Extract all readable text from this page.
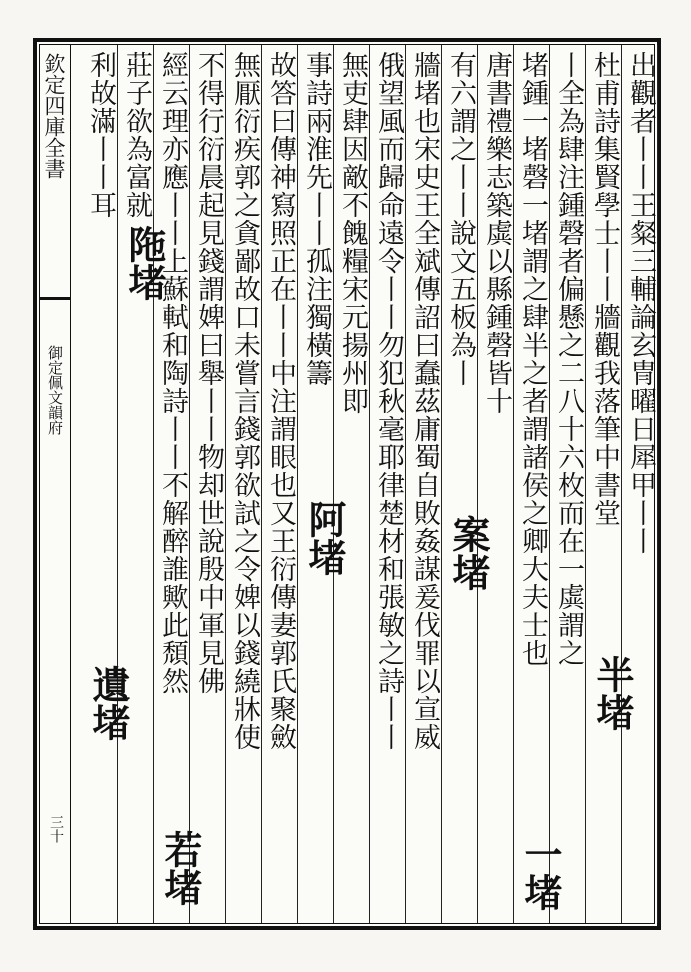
欽定四庫全書
御定佩文韻府
三十
出觀者丨丨王粲三輔論玄冑曜日犀甲丨丨
杜甫詩集賢學士丨丨牆觀我落筆中書堂
丨全為肆注鍾磬者偏懸之二八十六枚而在一虡謂之
堵鍾一堵磬一堵謂之肆半之者謂諸侯之卿大夫士也
唐書禮樂志築虡以縣鍾磬皆十
有六謂之丨丨說文五板為丨
牆堵也宋史王全斌傳詔曰蠢茲庸蜀自敗姦謀爰伐罪以宣威
俄望風而歸命遠令丨丨勿犯秋毫耶律楚材和張敏之詩丨丨
無吏肆因敵不餽糧宋元揚州即
事詩兩淮先丨丨孤注獨橫籌
故答曰傳神寫照正在丨丨中注謂眼也又王衍傳妻郭氏聚斂
無厭衍疾郭之貪鄙故口未嘗言錢郭欲試之令婢以錢繞牀使
不得行衍晨起見錢謂婢曰舉丨丨物却世說殷中軍見佛
經云理亦應丨丨上蘇軾和陶詩丨丨不解醉誰歟此頹然
莊子欲為富就
利故滿丨丨耳
半堵
一堵
案堵
阿堵
若堵
陁堵
遺堵
